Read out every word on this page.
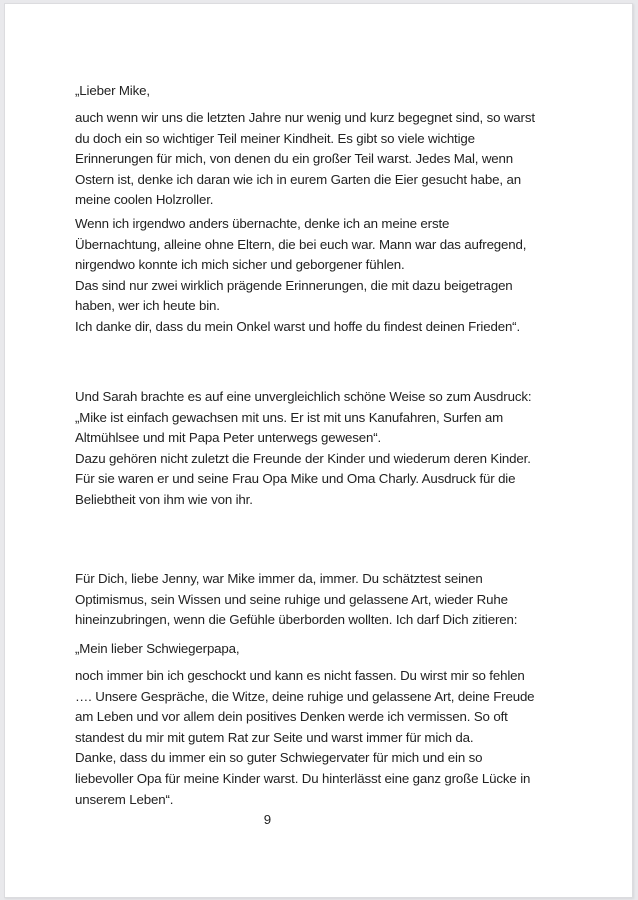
„Lieber Mike,
auch wenn wir uns die letzten Jahre nur wenig und kurz begegnet sind, so warst
du doch ein so wichtiger Teil meiner Kindheit. Es gibt so viele wichtige
Erinnerungen für mich, von denen du ein großer Teil warst. Jedes Mal, wenn
Ostern ist, denke ich daran wie ich in eurem Garten die Eier gesucht habe, an
meine coolen Holzroller.
Wenn ich irgendwo anders übernachte, denke ich an meine erste
Übernachtung, alleine ohne Eltern, die bei euch war. Mann war das aufregend,
nirgendwo konnte ich mich sicher und geborgener fühlen.
Das sind nur zwei wirklich prägende Erinnerungen, die mit dazu beigetragen
haben, wer ich heute bin.
Ich danke dir, dass du mein Onkel warst und hoffe du findest deinen Frieden“.
Und Sarah brachte es auf eine unvergleichlich schöne Weise so zum Ausdruck:
„Mike ist einfach gewachsen mit uns. Er ist mit uns Kanufahren, Surfen am
Altmühlsee und mit Papa Peter unterwegs gewesen“.
Dazu gehören nicht zuletzt die Freunde der Kinder und wiederum deren Kinder.
Für sie waren er und seine Frau Opa Mike und Oma Charly. Ausdruck für die
Beliebtheit von ihm wie von ihr.
Für Dich, liebe Jenny, war Mike immer da, immer. Du schätztest seinen
Optimismus, sein Wissen und seine ruhige und gelassene Art, wieder Ruhe
hineinzubringen, wenn die Gefühle überborden wollten. Ich darf Dich zitieren:
„Mein lieber Schwiegerpapa,
noch immer bin ich geschockt und kann es nicht fassen. Du wirst mir so fehlen
…. Unsere Gespräche, die Witze, deine ruhige und gelassene Art, deine Freude
am Leben und vor allem dein positives Denken werde ich vermissen. So oft
standest du mir mit gutem Rat zur Seite und warst immer für mich da.
Danke, dass du immer ein so guter Schwiegervater für mich und ein so
liebevoller Opa für meine Kinder warst. Du hinterlässt eine ganz große Lücke in
unserem Leben“.
9
